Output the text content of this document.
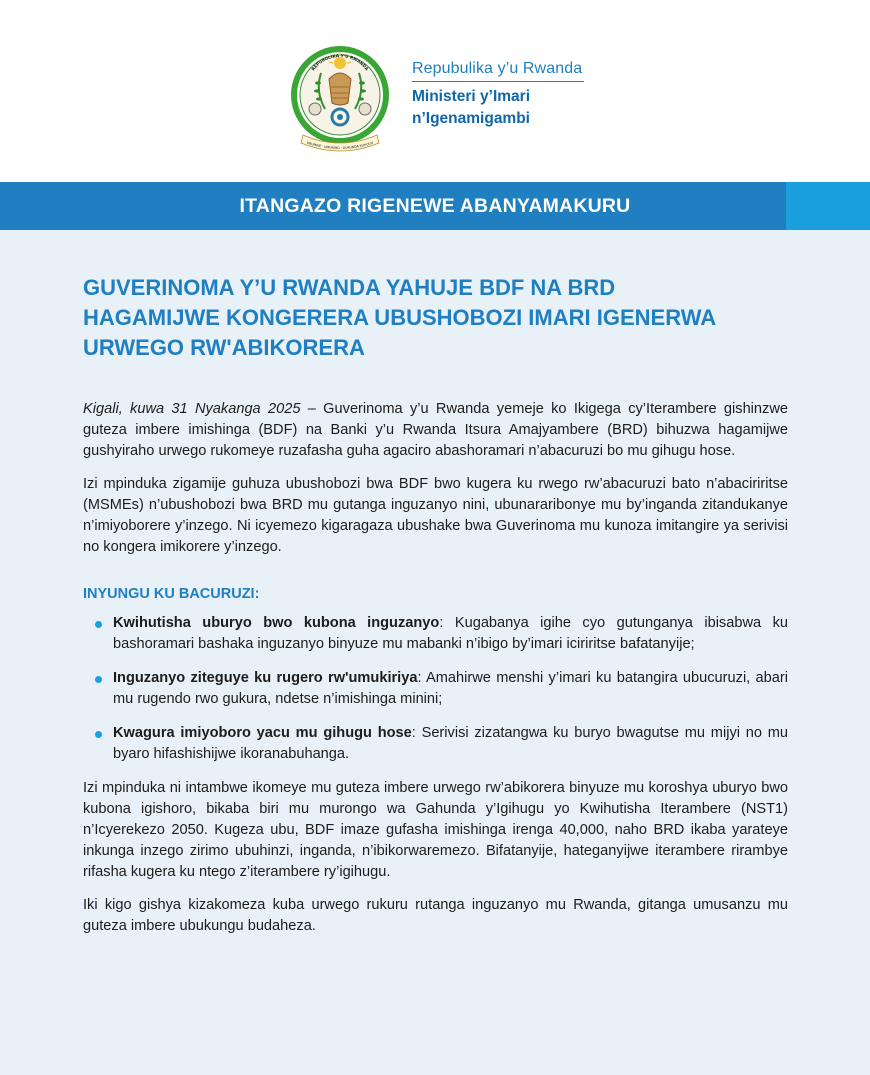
REPUBULIKA Y'U RWANDA
UBUMWE · UMURIMO · GUKUNDA IGIHUGU
Repubulika y’u Rwanda
Ministeri y’Imari
n’Igenamigambi
ITANGAZO RIGENEWE ABANYAMAKURU
GUVERINOMA Y’U RWANDA YAHUJE BDF NA BRD
HAGAMIJWE KONGERERA UBUSHOBOZI IMARI IGENERWA
URWEGO RW'ABIKORERA

Kigali, kuwa 31 Nyakanga 2025 – Guverinoma y’u Rwanda yemeje ko Ikigega cy’Iterambere gishinzwe guteza imbere imishinga (BDF) na Banki y’u Rwanda Itsura Amajyambere (BRD) bihuzwa hagamijwe gushyiraho urwego rukomeye ruzafasha guha agaciro abashoramari n’abacuruzi bo mu gihugu hose.

Izi mpinduka zigamije guhuza ubushobozi bwa BDF bwo kugera ku rwego rw’abacuruzi bato n’abaciriritse (MSMEs) n’ubushobozi bwa BRD mu gutanga inguzanyo nini, ubunararibonye mu by’inganda zitandukanye n’imiyoborere y’inzego. Ni icyemezo kigaragaza ubushake bwa Guverinoma mu kunoza imitangire ya serivisi no kongera imikorere y’inzego.

INYUNGU KU BACURUZI:
Kwihutisha uburyo bwo kubona inguzanyo: Kugabanya igihe cyo gutunganya ibisabwa ku bashoramari bashaka inguzanyo binyuze mu mabanki n’ibigo by’imari iciriritse bafatanyije;
Inguzanyo ziteguye ku rugero rw'umukiriya: Amahirwe menshi y’imari ku batangira ubucuruzi, abari mu rugendo rwo gukura, ndetse n’imishinga minini;
Kwagura imiyoboro yacu mu gihugu hose: Serivisi zizatangwa ku buryo bwagutse mu mijyi no mu byaro hifashishijwe ikoranabuhanga.

Izi mpinduka ni intambwe ikomeye mu guteza imbere urwego rw’abikorera binyuze mu koroshya uburyo bwo kubona igishoro, bikaba biri mu murongo wa Gahunda y’Igihugu yo Kwihutisha Iterambere (NST1) n’Icyerekezo 2050. Kugeza ubu, BDF imaze gufasha imishinga irenga 40,000, naho BRD ikaba yarateye inkunga inzego zirimo ubuhinzi, inganda, n’ibikorwaremezo. Bifatanyije, hateganyijwe iterambere rirambye rifasha kugera ku ntego z’iterambere ry’igihugu.

Iki kigo gishya kizakomeza kuba urwego rukuru rutanga inguzanyo mu Rwanda, gitanga umusanzu mu guteza imbere ubukungu budaheza.
